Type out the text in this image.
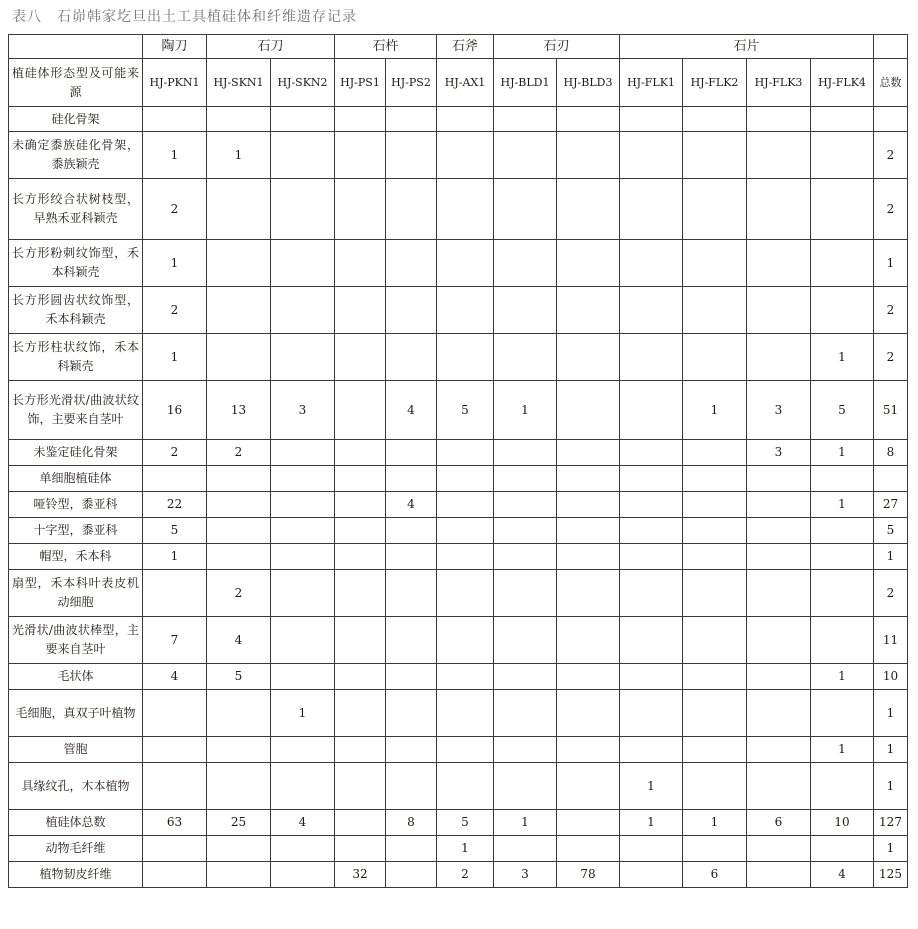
表八　石峁韩家圪旦出土工具植硅体和纤维遗存记录
	陶刀	石刀		石杵		石斧	石刃		石片				
植硅体形态型及可能来源	HJ-PKN1	HJ-SKN1	HJ-SKN2	HJ-PS1	HJ-PS2	HJ-AX1	HJ-BLD1	HJ-BLD3	HJ-FLK1	HJ-FLK2	HJ-FLK3	HJ-FLK4	总数
硅化骨架													
未确定黍族硅化骨架，黍族颖壳	1	1											2
长方形绞合状树枝型，早熟禾亚科颖壳	2												2
长方形粉刺纹饰型，禾本科颖壳	1												1
长方形圆齿状纹饰型，禾本科颖壳	2												2
长方形柱状纹饰，禾本科颖壳	1											1	2
长方形光滑状/曲波状纹饰，主要来自茎叶	16	13	3		4	5	1			1	3	5	51
未鉴定硅化骨架	2	2									3	1	8
单细胞植硅体													
哑铃型，黍亚科	22				4							1	27
十字型，黍亚科	5												5
帽型，禾本科	1												1
扇型，禾本科叶表皮机动细胞		2											2
光滑状/曲波状棒型，主要来自茎叶	7	4											11
毛状体	4	5										1	10
毛细胞，真双子叶植物			1										1
管胞												1	1
具缘纹孔，木本植物									1				1
植硅体总数	63	25	4		8	5	1		1	1	6	10	127
动物毛纤维						1							1
植物韧皮纤维				32		2	3	78		6		4	125
